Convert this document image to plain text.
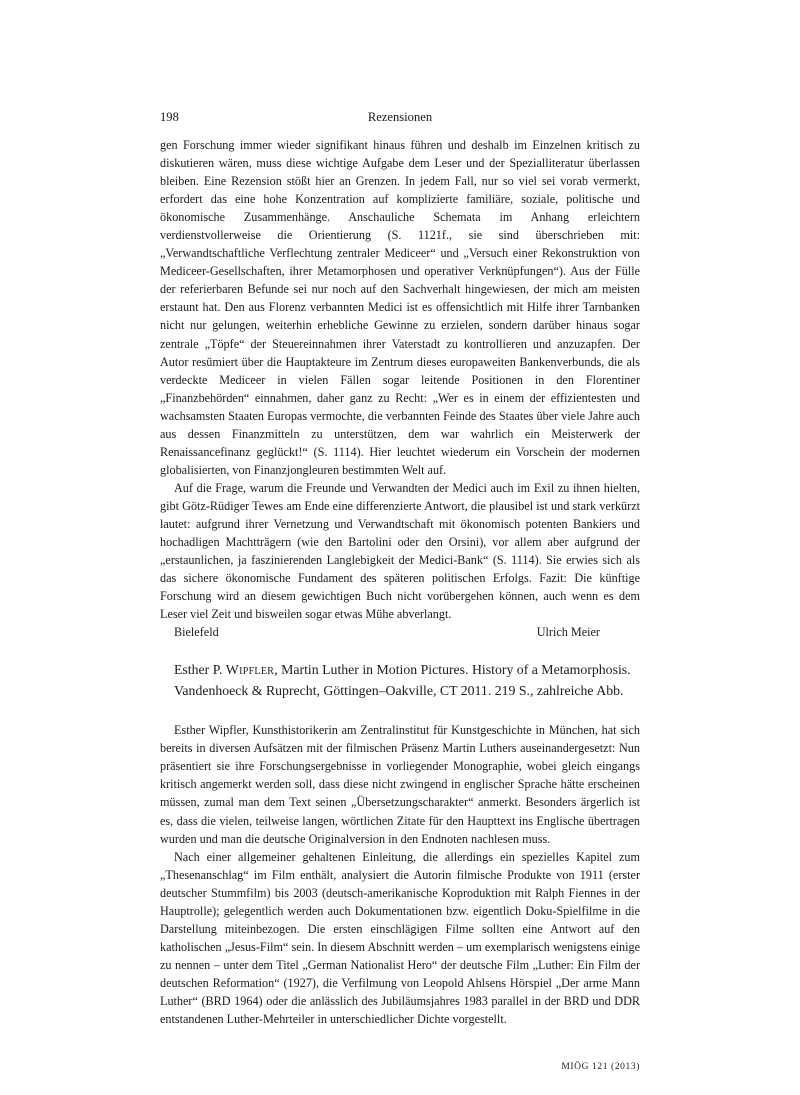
198	Rezensionen

gen Forschung immer wieder signifikant hinaus führen und deshalb im Einzelnen kritisch zu diskutieren wären, muss diese wichtige Aufgabe dem Leser und der Spezialliteratur überlassen bleiben. Eine Rezension stößt hier an Grenzen. In jedem Fall, nur so viel sei vorab vermerkt, erfordert das eine hohe Konzentration auf komplizierte familiäre, soziale, politische und ökonomische Zusammenhänge. Anschauliche Schemata im Anhang erleichtern verdienstvollerweise die Orientierung (S. 1121f., sie sind überschrieben mit: „Verwandtschaftliche Verflechtung zentraler Mediceer“ und „Versuch einer Rekonstruktion von Mediceer-Gesellschaften, ihrer Metamorphosen und operativer Verknüpfungen“). Aus der Fülle der referierbaren Befunde sei nur noch auf den Sachverhalt hingewiesen, der mich am meisten erstaunt hat. Den aus Florenz verbannten Medici ist es offensichtlich mit Hilfe ihrer Tarnbanken nicht nur gelungen, weiterhin erhebliche Gewinne zu erzielen, sondern darüber hinaus sogar zentrale „Töpfe“ der Steuereinnahmen ihrer Vaterstadt zu kontrollieren und anzuzapfen. Der Autor resümiert über die Hauptakteure im Zentrum dieses europaweiten Bankenverbunds, die als verdeckte Mediceer in vielen Fällen sogar leitende Positionen in den Florentiner „Finanzbehörden“ einnahmen, daher ganz zu Recht: „Wer es in einem der effizientesten und wachsamsten Staaten Europas vermochte, die verbannten Feinde des Staates über viele Jahre auch aus dessen Finanzmitteln zu unterstützen, dem war wahrlich ein Meisterwerk der Renaissancefinanz geglückt!“ (S. 1114). Hier leuchtet wiederum ein Vorschein der modernen globalisierten, von Finanzjongleuren bestimmten Welt auf.

Auf die Frage, warum die Freunde und Verwandten der Medici auch im Exil zu ihnen hielten, gibt Götz-Rüdiger Tewes am Ende eine differenzierte Antwort, die plausibel ist und stark verkürzt lautet: aufgrund ihrer Vernetzung und Verwandtschaft mit ökonomisch potenten Bankiers und hochadligen Machtträgern (wie den Bartolini oder den Orsini), vor allem aber aufgrund der „erstaunlichen, ja faszinierenden Langlebigkeit der Medici-Bank“ (S. 1114). Sie erwies sich als das sichere ökonomische Fundament des späteren politischen Erfolgs. Fazit: Die künftige Forschung wird an diesem gewichtigen Buch nicht vorübergehen können, auch wenn es dem Leser viel Zeit und bisweilen sogar etwas Mühe abverlangt.

Bielefeld	Ulrich Meier
Esther P. Wipfler, Martin Luther in Motion Pictures. History of a Metamorphosis. Vandenhoeck & Ruprecht, Göttingen–Oakville, CT 2011. 219 S., zahlreiche Abb.

Esther Wipfler, Kunsthistorikerin am Zentralinstitut für Kunstgeschichte in München, hat sich bereits in diversen Aufsätzen mit der filmischen Präsenz Martin Luthers auseinandergesetzt: Nun präsentiert sie ihre Forschungsergebnisse in vorliegender Monographie, wobei gleich eingangs kritisch angemerkt werden soll, dass diese nicht zwingend in englischer Sprache hätte erscheinen müssen, zumal man dem Text seinen „Übersetzungscharakter“ anmerkt. Besonders ärgerlich ist es, dass die vielen, teilweise langen, wörtlichen Zitate für den Haupttext ins Englische übertragen wurden und man die deutsche Originalversion in den Endnoten nachlesen muss.

Nach einer allgemeiner gehaltenen Einleitung, die allerdings ein spezielles Kapitel zum „Thesenanschlag“ im Film enthält, analysiert die Autorin filmische Produkte von 1911 (erster deutscher Stummfilm) bis 2003 (deutsch-amerikanische Koproduktion mit Ralph Fiennes in der Hauptrolle); gelegentlich werden auch Dokumentationen bzw. eigentlich Doku-Spielfilme in die Darstellung miteinbezogen. Die ersten einschlägigen Filme sollten eine Antwort auf den katholischen „Jesus-Film“ sein. In diesem Abschnitt werden – um exemplarisch wenigstens einige zu nennen – unter dem Titel „German Nationalist Hero“ der deutsche Film „Luther: Ein Film der deutschen Reformation“ (1927), die Verfilmung von Leopold Ahlsens Hörspiel „Der arme Mann Luther“ (BRD 1964) oder die anlässlich des Jubiläumsjahres 1983 parallel in der BRD und DDR entstandenen Luther-Mehrteiler in unterschiedlicher Dichte vorgestellt.

MIÖG 121 (2013)
